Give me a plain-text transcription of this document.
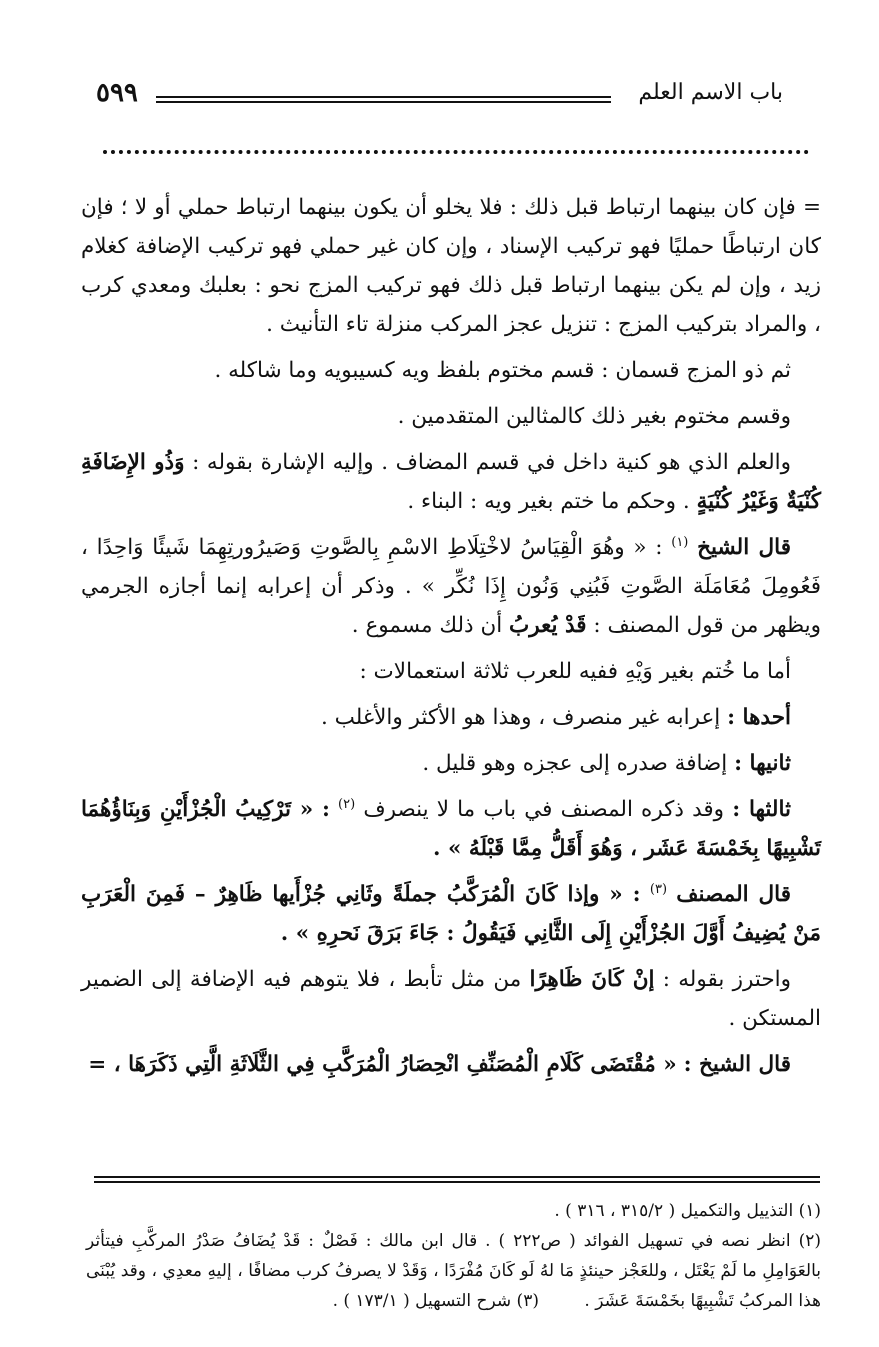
باب الاسم العلم
٥٩٩

= فإن كان بينهما ارتباط قبل ذلك : فلا يخلو أن يكون بينهما ارتباط حملي أو لا ؛ فإن كان ارتباطًا حمليًا فهو تركيب الإسناد ، وإن كان غير حملي فهو تركيب الإضافة كغلام زيد ، وإن لم يكن بينهما ارتباط قبل ذلك فهو تركيب المزج نحو : بعلبك ومعدي كرب ، والمراد بتركيب المزج : تنزيل عجز المركب منزلة تاء التأنيث .

ثم ذو المزج قسمان : قسم مختوم بلفظ ويه كسيبويه وما شاكله .

وقسم مختوم بغير ذلك كالمثالين المتقدمين .

والعلم الذي هو كنية داخل في قسم المضاف . وإليه الإشارة بقوله : وَذُو الإِضَافَةِ كُنْيَةٌ وَغَيْرُ كُنْيَةٍ . وحكم ما ختم بغير ويه : البناء .

قال الشيخ $^{(١)}$ : « وهُوَ الْقِيَاسُ لاخْتِلَاطِ الاسْمِ بِالصَّوتِ وَصَيرُورتِهِمَا شَيئًا وَاحِدًا ، فَعُومِلَ مُعَامَلَة الصَّوتِ فَبُنِي وَنُون إِذَا نُكِّر » . وذكر أن إعرابه إنما أجازه الجرمي ويظهر من قول المصنف : قَدْ يُعربُ أن ذلك مسموع .

أما ما خُتم بغير وَيْهِ ففيه للعرب ثلاثة استعمالات :

أحدها : إعرابه غير منصرف ، وهذا هو الأكثر والأغلب .

ثانيها : إضافة صدره إلى عجزه وهو قليل .

ثالثها : وقد ذكره المصنف في باب ما لا ينصرف $^{(٢)}$ : « تَرْكِيبُ الْجُزْأَيْنِ وَبِنَاؤُهُمَا تَشْبِيهًا بِخَمْسَةَ عَشَر ، وَهُوَ أَقَلُّ مِمَّا قَبْلَهُ » .

قال المصنف $^{(٣)}$ : « وإذا كَانَ الْمُرَكَّبُ جملَةً وثَانِي جُزْأَيها ظَاهِرٌ – فَمِنَ الْعَرَبِ مَنْ يُضِيفُ أَوَّلَ الجُزْأَيْنِ إِلَى الثَّانِي فَيَقُولُ : جَاءَ بَرَقَ نَحرِهِ » .

واحترز بقوله : إنْ كَانَ ظَاهِرًا من مثل تأبط ، فلا يتوهم فيه الإضافة إلى الضمير المستكن .

قال الشيخ : « مُقْتَضَى كَلَامِ الْمُصَنِّفِ انْحِصَارُ الْمُرَكَّبِ فِي الثَّلَاثَةِ الَّتِي ذَكَرَهَا ، =

(١) التذييل والتكميل ( ٣١٥/٢ ، ٣١٦ ) .

(٢) انظر نصه في تسهيل الفوائد ( ص٢٢٢ ) . قال ابن مالك : فَصْلٌ : قَدْ يُضَافُ صَدْرُ المركَّبِ فيتأثر بالعَوَامِلِ ما لَمْ يَعْتَل ، وللعَجْز حينئذٍ مَا لهُ لَو كَانَ مُفْرَدًا ، وَقَدْ لا يصرفُ كرب مضافًا ، إليهِ معدِي ، وقد يُبْنَى هذا المركبُ تَشْبِيهًا بخَمْسَةَ عَشَرَ . (٣) شرح التسهيل ( ١٧٣/١ ) .
